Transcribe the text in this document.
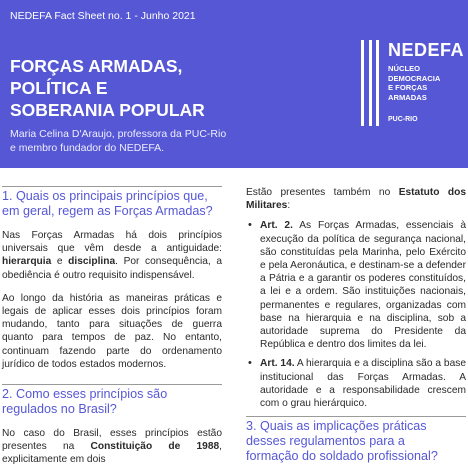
NEDEFA Fact Sheet no. 1 - Junho 2021
FORÇAS ARMADAS, POLÍTICA E
SOBERANIA POPULAR
Maria Celina D'Araujo, professora da PUC-Rio
e membro fundador do NEDEFA.
NEDEFA
NÚCLEO
DEMOCRACIA
E FORÇAS
ARMADAS
PUC-RIO
1. Quais os principais princípios que,
em geral, regem as Forças Armadas?

Nas Forças Armadas há dois princípios universais que vêm desde a antiguidade: hierarquia e disciplina. Por consequência, a obediência é outro requisito indispensável.

Ao longo da história as maneiras práticas e legais de aplicar esses dois princípios foram mudando, tanto para situações de guerra quanto para tempos de paz. No entanto, continuam fazendo parte do ordenamento jurídico de todos estados modernos.

2. Como esses princípios são
regulados no Brasil?

No caso do Brasil, esses princípios estão presentes na Constituição de 1988, explicitamente em dois

Estão presentes também no Estatuto dos Militares:

• Art. 2. As Forças Armadas, essenciais à execução da política de segurança nacional, são constituídas pela Marinha, pelo Exército e pela Aeronáutica, e destinam-se a defender a Pátria e a garantir os poderes constituídos, a lei e a ordem. São instituições nacionais, permanentes e regulares, organizadas com base na hierarquia e na disciplina, sob a autoridade suprema do Presidente da República e dentro dos limites da lei.
• Art. 14. A hierarquia e a disciplina são a base institucional das Forças Armadas. A autoridade e a responsabilidade crescem com o grau hierárquico.
3. Quais as implicações práticas
desses regulamentos para a
formação do soldado profissional?
